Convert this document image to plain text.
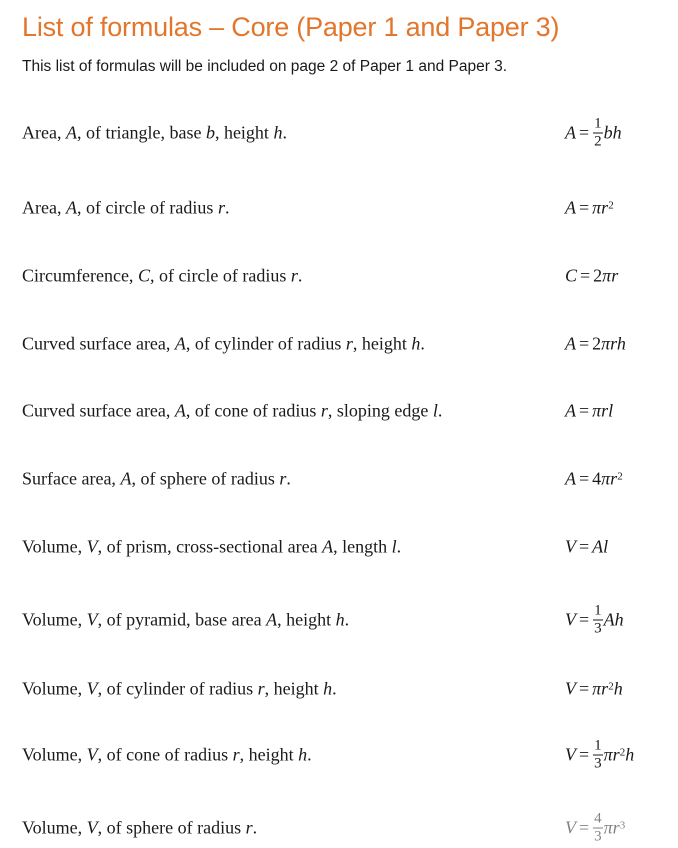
List of formulas – Core (Paper 1 and Paper 3)

This list of formulas will be included on page 2 of Paper 1 and Paper 3.

Area, A, of triangle, base b, height h.	$A = \frac{1}{2}$ bh
Area, A, of circle of radius r.	$A = \pi r^2$
Circumference, C, of circle of radius r.	C = 2 πr
Curved surface area, A, of cylinder of radius r, height h.	A = 2 πrh
Curved surface area, A, of cone of radius r, sloping edge l.	A = πrl
Surface area, A, of sphere of radius r.	A = 4 $\pi r^2$
Volume, V, of prism, cross-sectional area A, length l.	V = Al
Volume, V, of pyramid, base area A, height h.	$V = \frac{1}{3}$ Ah
Volume, V, of cylinder of radius r, height h.	$V = \pi r^2$ h
Volume, V, of cone of radius r, height h.	$V = \frac{1}{3} \pi r^2$ h
Volume, V, of sphere of radius r.	$V = \frac{4}{3} \pi r^3$
